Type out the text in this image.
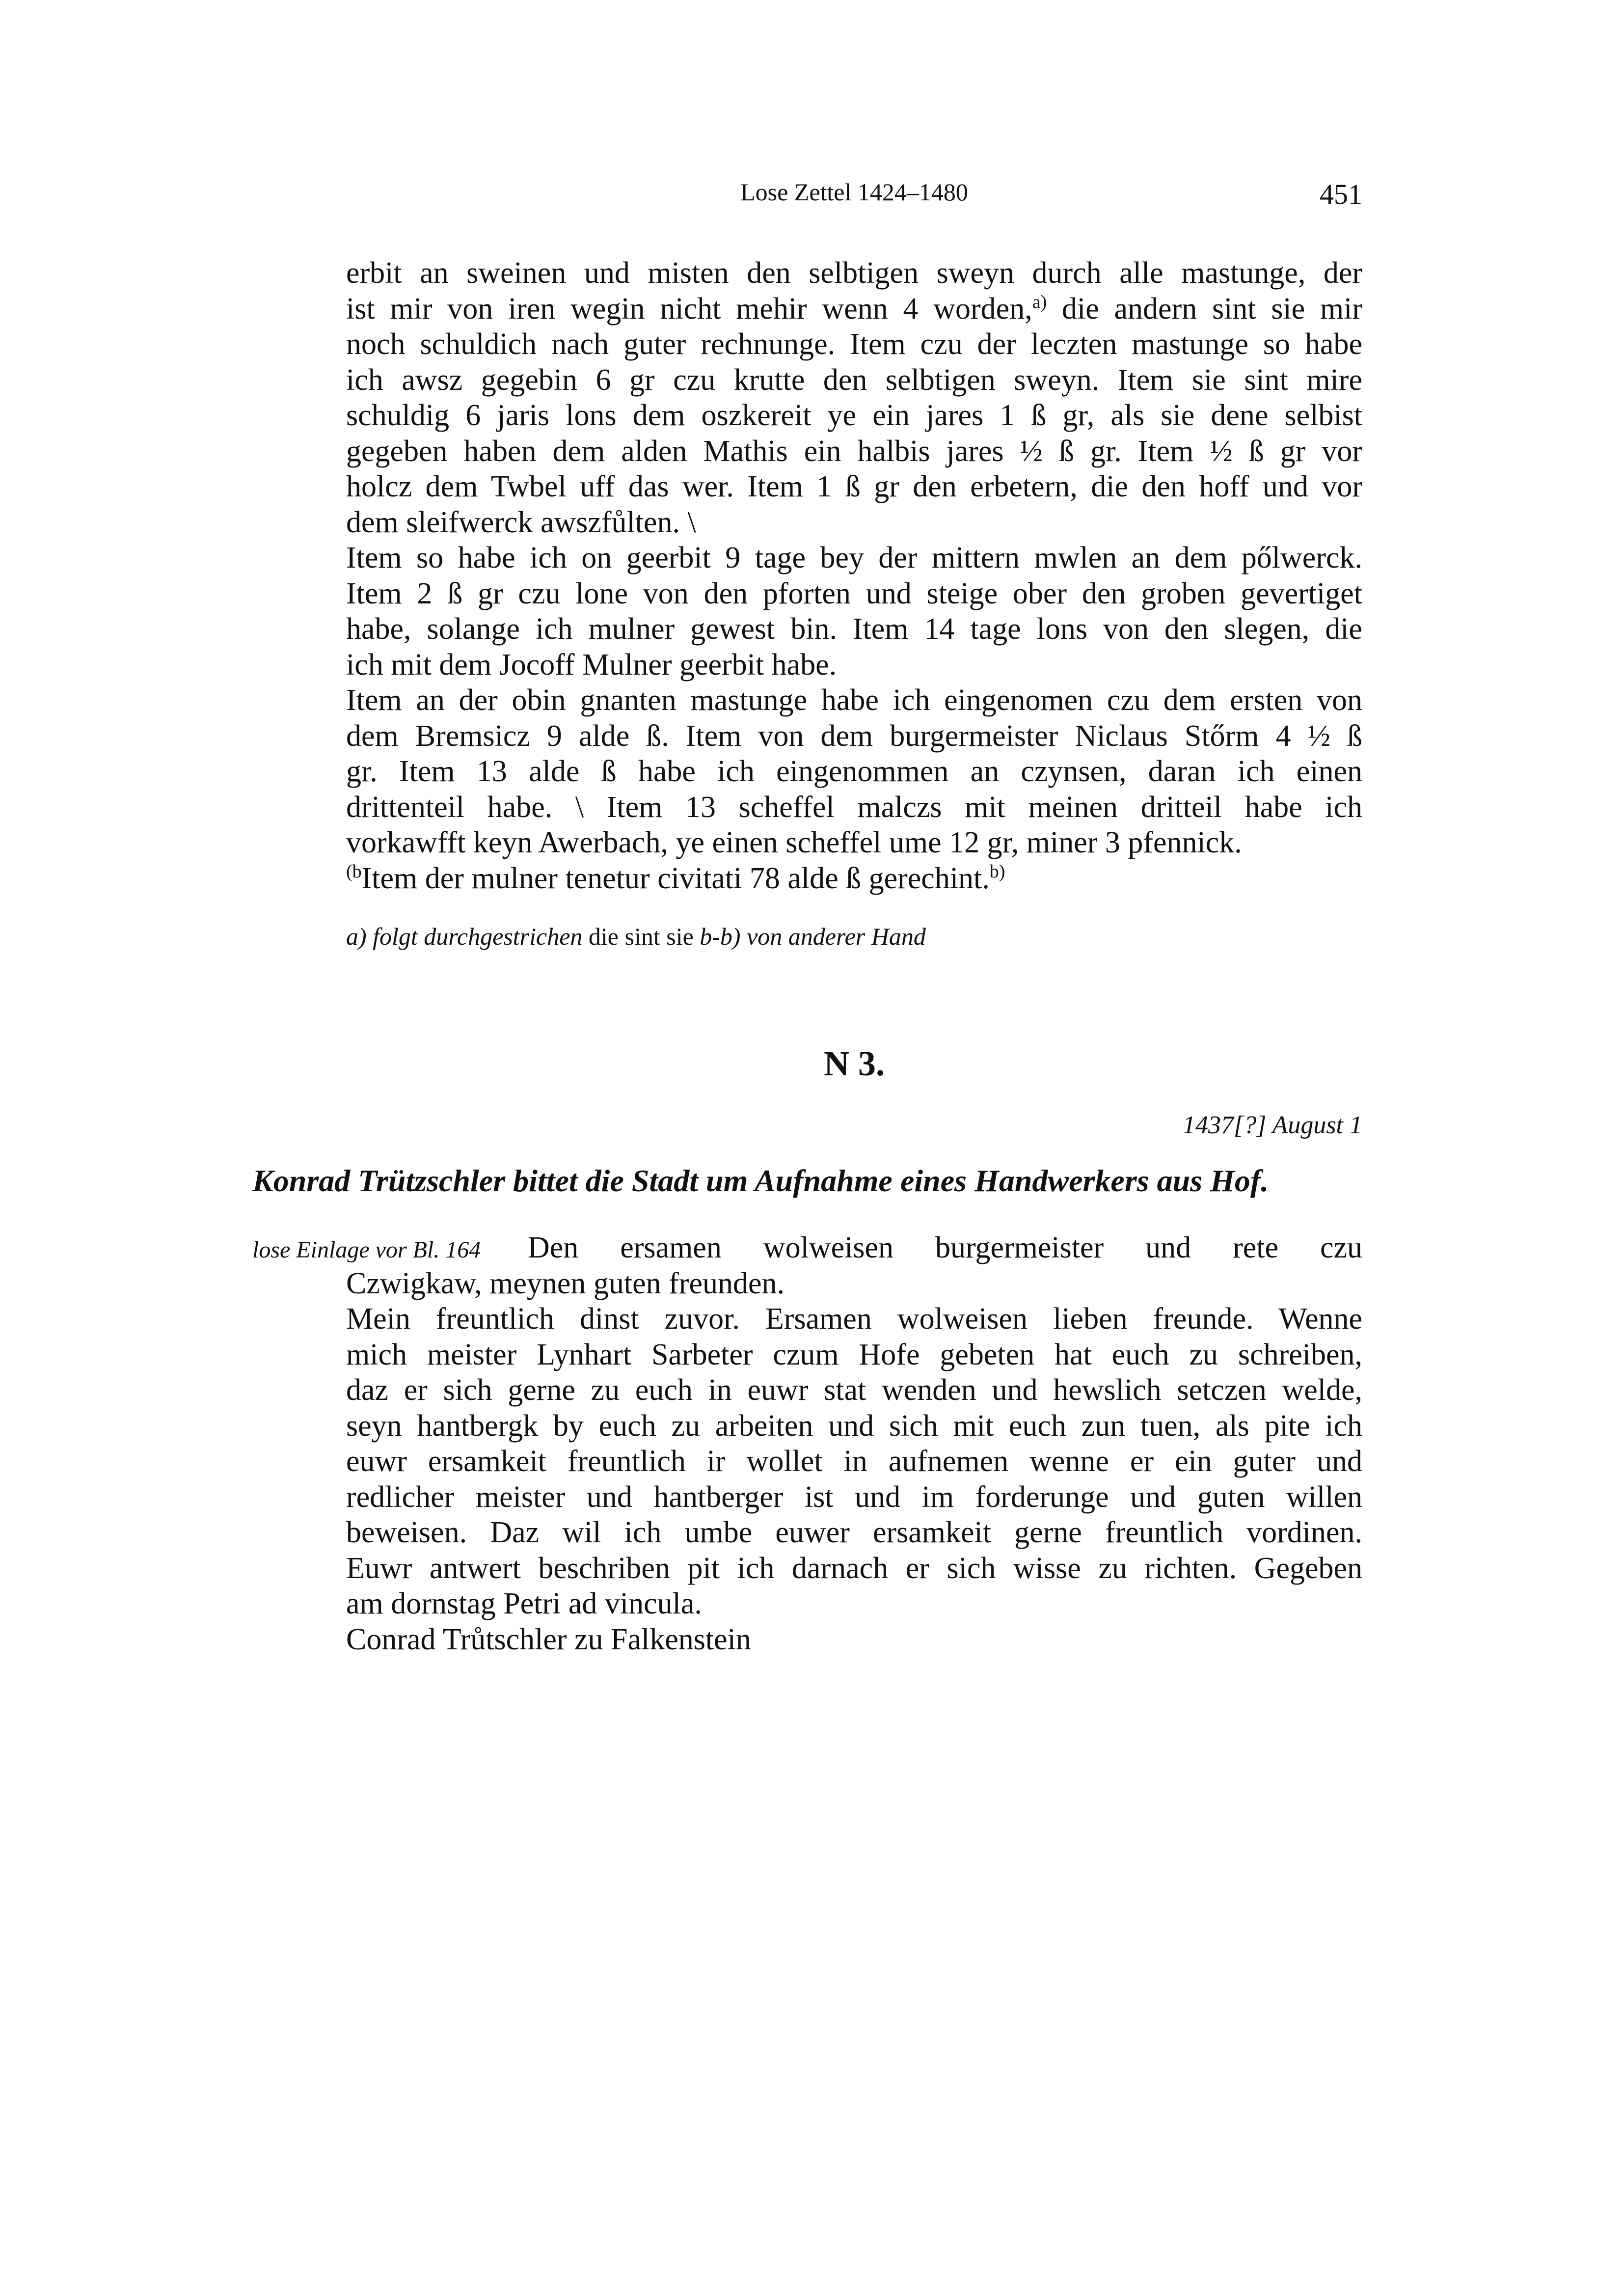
Lose Zettel 1424–1480	451
erbit an sweinen und misten den selbtigen sweyn durch alle mastunge, der
ist mir von iren wegin nicht mehir wenn 4 worden,$^{a)}$ die andern sint sie mir
noch schuldich nach guter rechnunge. Item czu der leczten mastunge so habe
ich awsz gegebin 6 gr czu krutte den selbtigen sweyn. Item sie sint mire
schuldig 6 jaris lons dem oszkereit ye ein jares 1 ß gr, als sie dene selbist
gegeben haben dem alden Mathis ein halbis jares ½ ß gr. Item ½ ß gr vor
holcz dem Twbel uff das wer. Item 1 ß gr den erbetern, die den hoff und vor
dem sleifwerck awszfůlten. \
Item so habe ich on geerbit 9 tage bey der mittern mwlen an dem pőlwerck.
Item 2 ß gr czu lone von den pforten und steige ober den groben gevertiget
habe, solange ich mulner gewest bin. Item 14 tage lons von den slegen, die
ich mit dem Jocoff Mulner geerbit habe.
Item an der obin gnanten mastunge habe ich eingenomen czu dem ersten von
dem Bremsicz 9 alde ß. Item von dem burgermeister Niclaus Stőrm 4 ½ ß
gr. Item 13 alde ß habe ich eingenommen an czynsen, daran ich einen
drittenteil habe. \ Item 13 scheffel malczs mit meinen dritteil habe ich
vorkawfft keyn Awerbach, ye einen scheffel ume 12 gr, miner 3 pfennick.
$^{(b}$Item der mulner tenetur civitati 78 alde ß gerechint.$^{b)}$
a) folgt durchgestrichen die sint sie b-b) von anderer Hand
N 3.
1437[?] August 1
Konrad Trützschler bittet die Stadt um Aufnahme eines Handwerkers aus Hof.
lose Einlage vor Bl. 164 Den ersamen wolweisen burgermeister und rete czu
Czwigkaw, meynen guten freunden.
Mein freuntlich dinst zuvor. Ersamen wolweisen lieben freunde. Wenne
mich meister Lynhart Sarbeter czum Hofe gebeten hat euch zu schreiben,
daz er sich gerne zu euch in euwr stat wenden und hewslich setczen welde,
seyn hantbergk by euch zu arbeiten und sich mit euch zun tuen, als pite ich
euwr ersamkeit freuntlich ir wollet in aufnemen wenne er ein guter und
redlicher meister und hantberger ist und im forderunge und guten willen
beweisen. Daz wil ich umbe euwer ersamkeit gerne freuntlich vordinen.
Euwr antwert beschriben pit ich darnach er sich wisse zu richten. Gegeben
am dornstag Petri ad vincula.
Conrad Trůtschler zu Falkenstein
